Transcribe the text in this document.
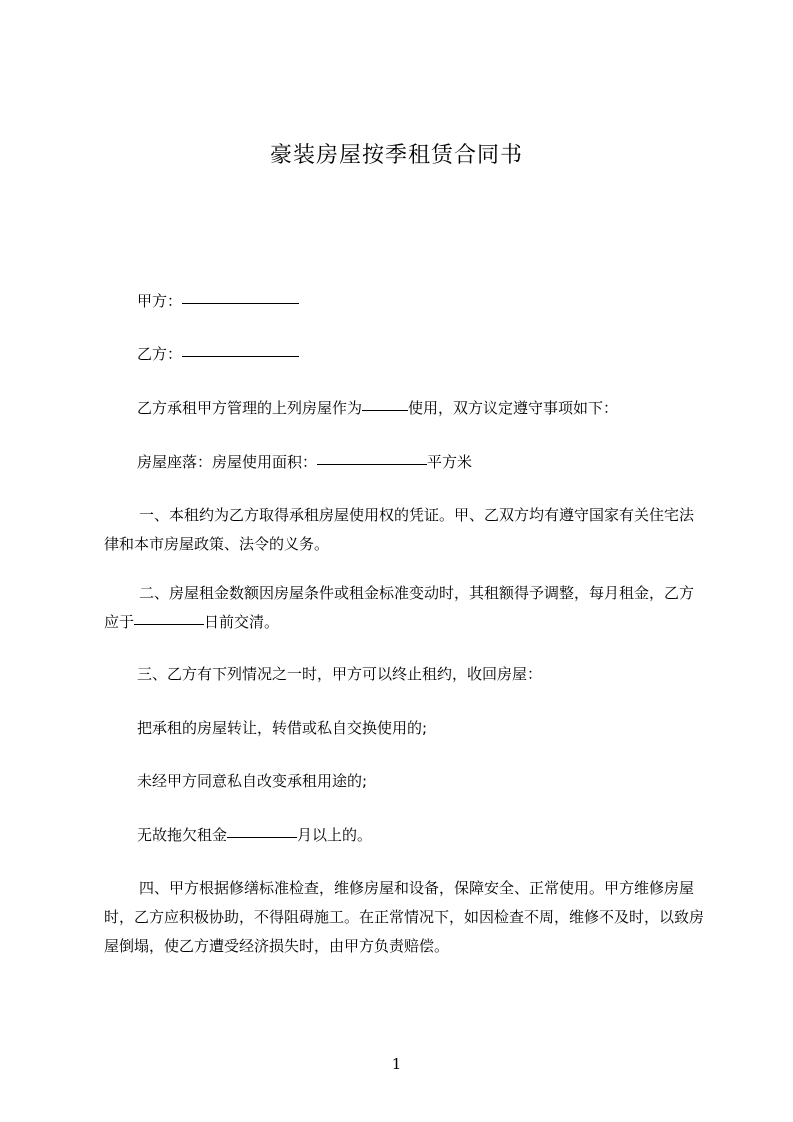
豪装房屋按季租赁合同书
甲方：
乙方：
乙方承租甲方管理的上列房屋作为	使用，双方议定遵守事项如下：
房屋座落：房屋使用面积：	平方米
一、本租约为乙方取得承租房屋使用权的凭证。甲、乙双方均有遵守国家有关住宅法律和本市房屋政策、法令的义务。
二、房屋租金数额因房屋条件或租金标准变动时，其租额得予调整，每月租金，乙方应于	日前交清。
三、乙方有下列情况之一时，甲方可以终止租约，收回房屋：
把承租的房屋转让，转借或私自交换使用的;
未经甲方同意私自改变承租用途的;
无故拖欠租金	月以上的。
四、甲方根据修缮标准检查，维修房屋和设备，保障安全、正常使用。甲方维修房屋时，乙方应积极协助，不得阻碍施工。在正常情况下，如因检查不周，维修不及时，以致房屋倒塌，使乙方遭受经济损失时，由甲方负责赔偿。
1
